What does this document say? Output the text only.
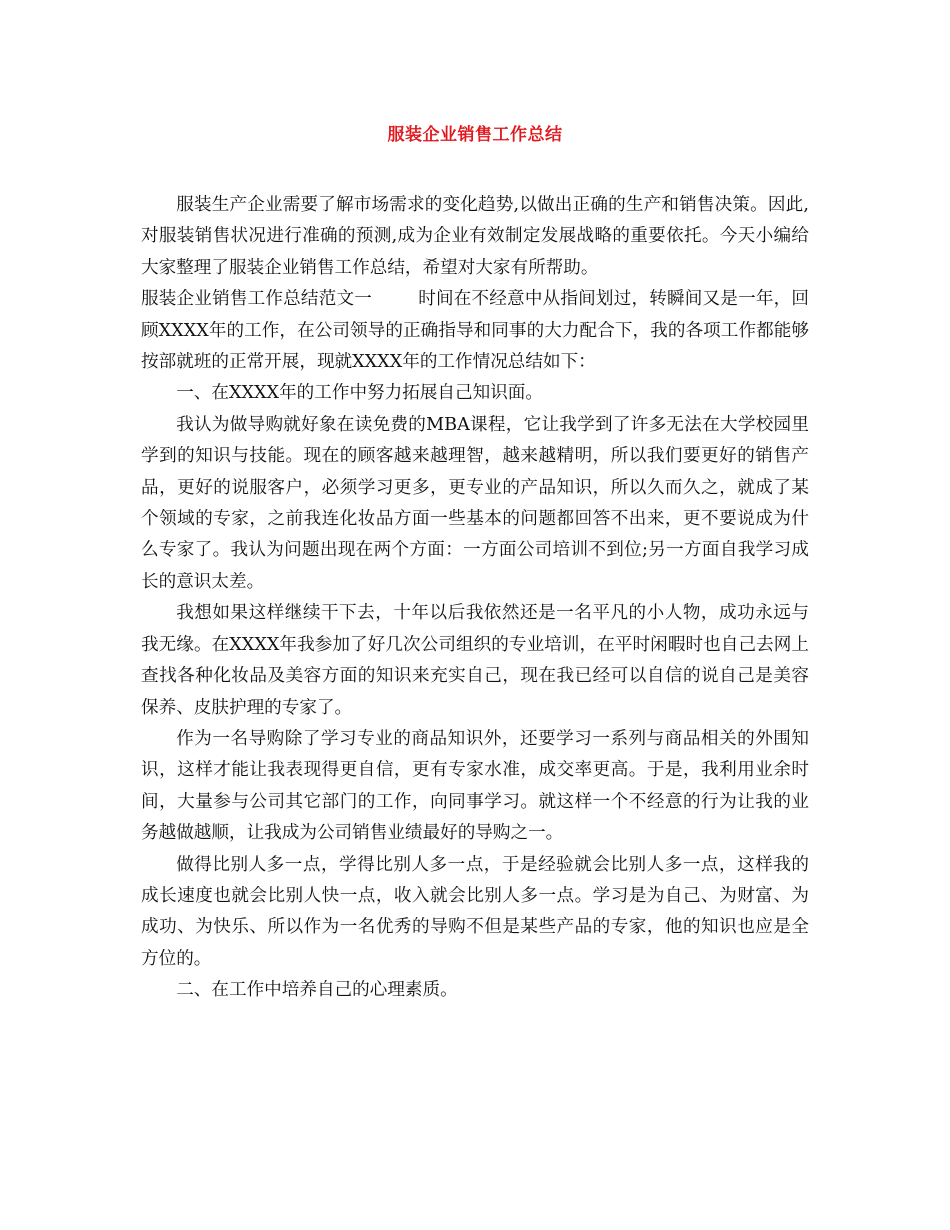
服装企业销售工作总结

服装生产企业需要了解市场需求的变化趋势,以做出正确的生产和销售决策。因此,对服装销售状况进行准确的预测,成为企业有效制定发展战略的重要依托。今天小编给大家整理了服装企业销售工作总结，希望对大家有所帮助。

服装企业销售工作总结范文一	时间在不经意中从指间划过，转瞬间又是一年，回顾XXXX年的工作，在公司领导的正确指导和同事的大力配合下，我的各项工作都能够按部就班的正常开展，现就XXXX年的工作情况总结如下：

一、在XXXX年的工作中努力拓展自己知识面。

我认为做导购就好象在读免费的MBA课程，它让我学到了许多无法在大学校园里学到的知识与技能。现在的顾客越来越理智，越来越精明，所以我们要更好的销售产品，更好的说服客户，必须学习更多，更专业的产品知识，所以久而久之，就成了某个领域的专家，之前我连化妆品方面一些基本的问题都回答不出来，更不要说成为什么专家了。我认为问题出现在两个方面：一方面公司培训不到位;另一方面自我学习成长的意识太差。

我想如果这样继续干下去，十年以后我依然还是一名平凡的小人物，成功永远与我无缘。在XXXX年我参加了好几次公司组织的专业培训，在平时闲暇时也自己去网上查找各种化妆品及美容方面的知识来充实自己，现在我已经可以自信的说自己是美容保养、皮肤护理的专家了。

作为一名导购除了学习专业的商品知识外，还要学习一系列与商品相关的外围知识，这样才能让我表现得更自信，更有专家水准，成交率更高。于是，我利用业余时间，大量参与公司其它部门的工作，向同事学习。就这样一个不经意的行为让我的业务越做越顺，让我成为公司销售业绩最好的导购之一。

做得比别人多一点，学得比别人多一点，于是经验就会比别人多一点，这样我的成长速度也就会比别人快一点，收入就会比别人多一点。学习是为自己、为财富、为成功、为快乐、所以作为一名优秀的导购不但是某些产品的专家，他的知识也应是全方位的。

二、在工作中培养自己的心理素质。
